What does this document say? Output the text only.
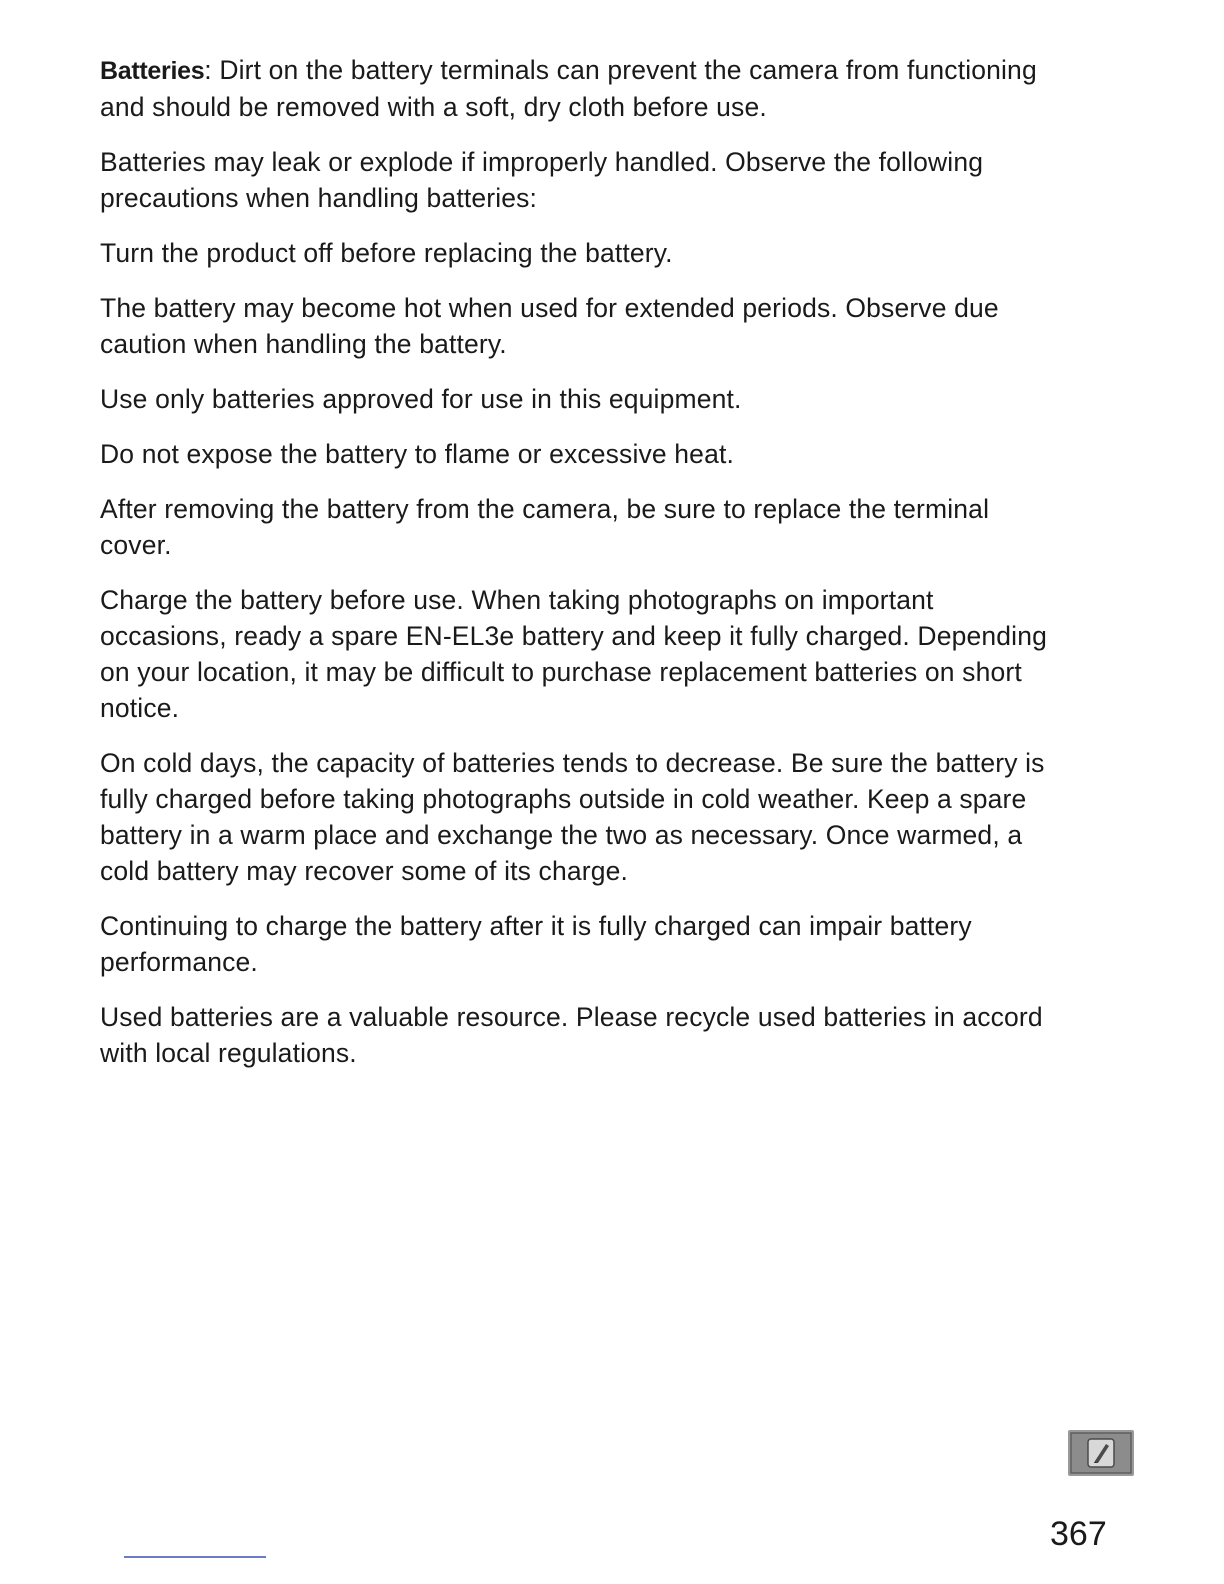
Batteries: Dirt on the battery terminals can prevent the camera from functioning and should be removed with a soft, dry cloth before use.

Batteries may leak or explode if improperly handled. Observe the following precautions when handling batteries:

Turn the product off before replacing the battery.

The battery may become hot when used for extended periods. Observe due caution when handling the battery.

Use only batteries approved for use in this equipment.

Do not expose the battery to flame or excessive heat.

After removing the battery from the camera, be sure to replace the terminal cover.

Charge the battery before use. When taking photographs on important occasions, ready a spare EN-EL3e battery and keep it fully charged. Depending on your location, it may be difficult to purchase replacement batteries on short notice.

On cold days, the capacity of batteries tends to decrease. Be sure the battery is fully charged before taking photographs outside in cold weather. Keep a spare battery in a warm place and exchange the two as necessary. Once warmed, a cold battery may recover some of its charge.

Continuing to charge the battery after it is fully charged can impair battery performance.

Used batteries are a valuable resource. Please recycle used batteries in accord with local regulations.

367
